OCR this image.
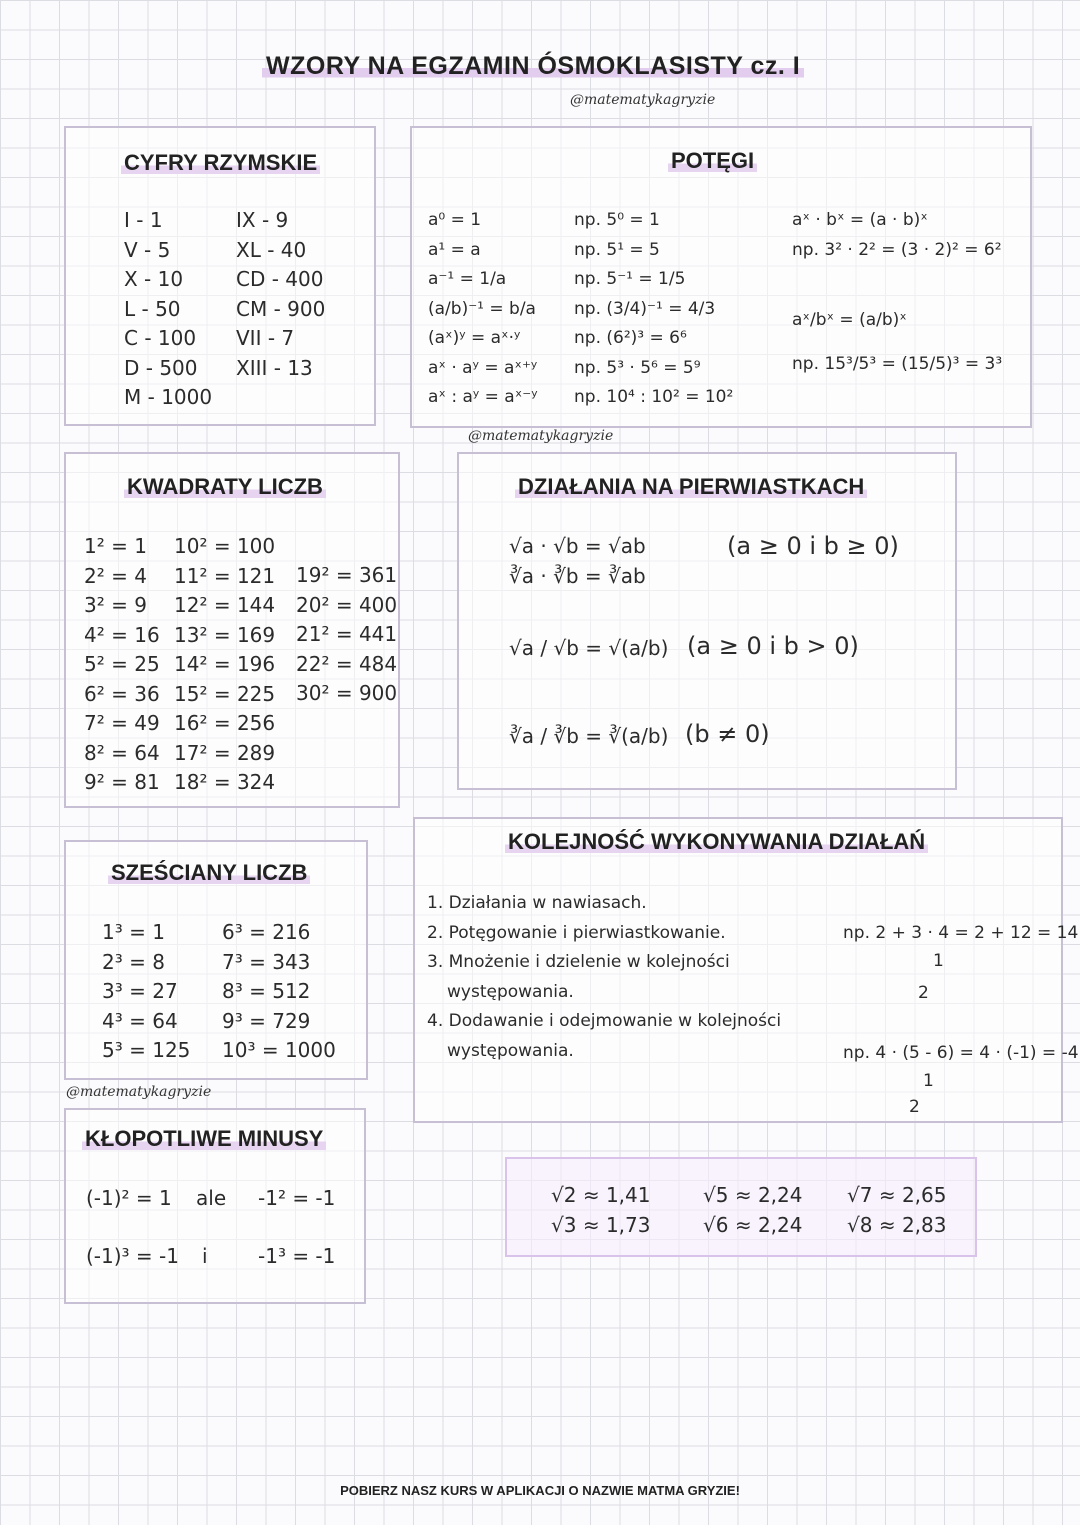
WZORY NA EGZAMIN ÓSMOKLASISTY cz. I
@matematykagryzie
CYFRY RZYMSKIE
I - 1
V - 5
X - 10
L - 50
C - 100
D - 500
M - 1000
IX - 9
XL - 40
CD - 400
CM - 900
VII - 7
XIII - 13
POTĘGI
a⁰ = 1
a¹ = a
a⁻¹ = 1/a
(a/b)⁻¹ = b/a
(aˣ)ʸ = aˣ·ʸ
aˣ · aʸ = aˣ⁺ʸ
aˣ : aʸ = aˣ⁻ʸ
np. 5⁰ = 1
np. 5¹ = 5
np. 5⁻¹ = 1/5
np. (3/4)⁻¹ = 4/3
np. (6²)³ = 6⁶
np. 5³ · 5⁶ = 5⁹
np. 10⁴ : 10² = 10²
aˣ · bˣ = (a · b)ˣ
np. 3² · 2² = (3 · 2)² = 6²
aˣ/bˣ = (a/b)ˣ
np. 15³/5³ = (15/5)³ = 3³
@matematykagryzie
KWADRATY LICZB
1² = 1
2² = 4
3² = 9
4² = 16
5² = 25
6² = 36
7² = 49
8² = 64
9² = 81
10² = 100
11² = 121
12² = 144
13² = 169
14² = 196
15² = 225
16² = 256
17² = 289
18² = 324
19² = 361
20² = 400
21² = 441
22² = 484
30² = 900
DZIAŁANIA NA PIERWIASTKACH
√a · √b = √ab
∛a · ∛b = ∛ab
(a ≥ 0 i b ≥ 0)
√a / √b = √(a/b) (a ≥ 0 i b > 0)
∛a / ∛b = ∛(a/b) (b ≠ 0)
SZEŚCIANY LICZB
1³ = 1
2³ = 8
3³ = 27
4³ = 64
5³ = 125
6³ = 216
7³ = 343
8³ = 512
9³ = 729
10³ = 1000
@matematykagryzie
KOLEJNOŚĆ WYKONYWANIA DZIAŁAŃ
1. Działania w nawiasach.
2. Potęgowanie i pierwiastkowanie.
3. Mnożenie i dzielenie w kolejności
występowania.
4. Dodawanie i odejmowanie w kolejności
występowania.
np. 2 + 3 · 4 = 2 + 12 = 14
1
2
np. 4 · (5 - 6) = 4 · (-1) = -4
1
2
KŁOPOTLIWE MINUSY
(-1)² = 1 ale -1² = -1
(-1)³ = -1 i	-1³ = -1
√2 ≈ 1,41
√3 ≈ 1,73
√5 ≈ 2,24
√6 ≈ 2,24
√7 ≈ 2,65
√8 ≈ 2,83
POBIERZ NASZ KURS W APLIKACJI O NAZWIE MATMA GRYZIE!
